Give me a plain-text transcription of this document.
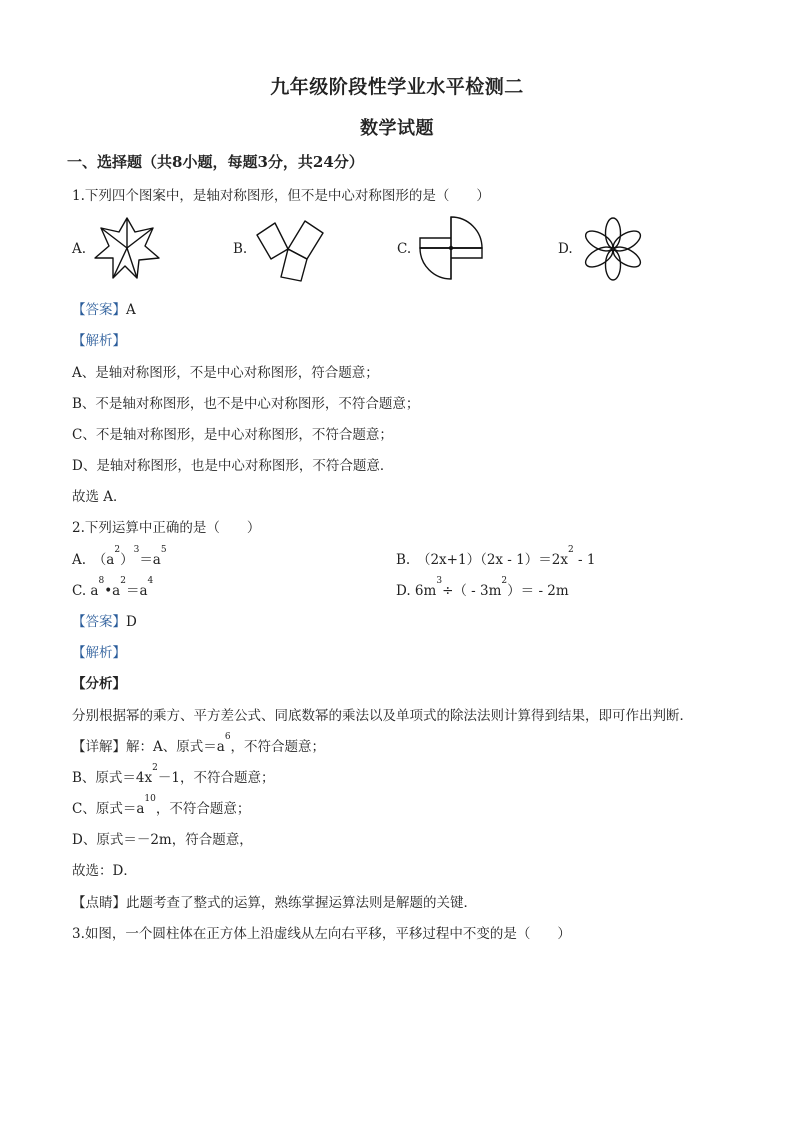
九年级阶段性学业水平检测二
数学试题
一、选择题（共8小题，每题3分，共24分）
1.下列四个图案中，是轴对称图形，但不是中心对称图形的是（　　）
A.	B.	C.	D.
【答案】A
【解析】
A、是轴对称图形，不是中心对称图形，符合题意；
B、不是轴对称图形，也不是中心对称图形，不符合题意；
C、不是轴对称图形，是中心对称图形，不符合题意；
D、是轴对称图形，也是中心对称图形，不符合题意．
故选 A．
2.下列运算中正确的是（　　）
A.　$(a^2)^3=a^5$
B.　$(2x+1)(2x - 1)=2x^2 - 1$
C. $a^8•a^2=a^4$
D. $6m^3\div( - 3m^2)= - 2m$
【答案】D
【解析】
【分析】
分别根据幂的乘方、平方差公式、同底数幂的乘法以及单项式的除法法则计算得到结果，即可作出判断．
【详解】解：A、原式$=a^6$，不符合题意；
B、原式$=4x^2-1$，不符合题意；
C、原式$=a^{10}$，不符合题意；
D、原式＝－2m，符合题意，
故选：D．
【点睛】此题考查了整式的运算，熟练掌握运算法则是解题的关键．
3.如图，一个圆柱体在正方体上沿虚线从左向右平移，平移过程中不变的是（　　）
